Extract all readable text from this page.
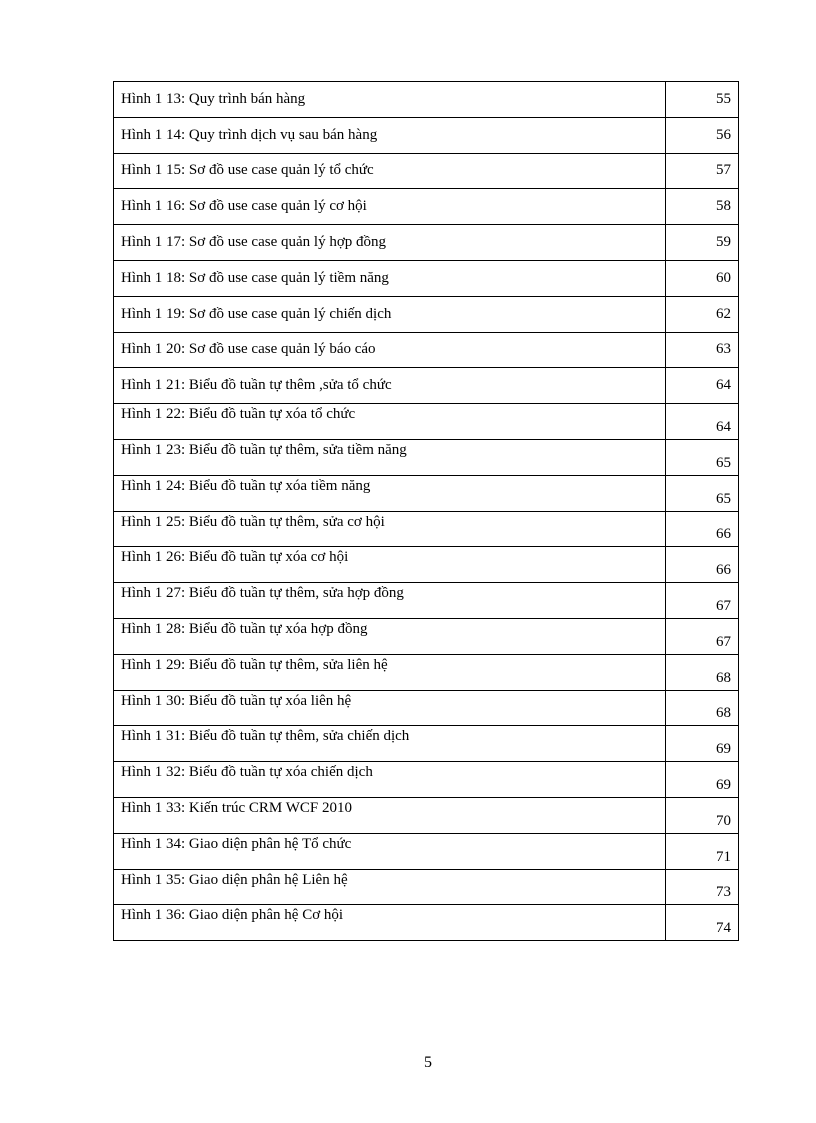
Hình 1 13: Quy trình bán hàng	55
Hình 1 14: Quy trình dịch vụ sau bán hàng	56
Hình 1 15: Sơ đồ use case quản lý tổ chức	57
Hình 1 16: Sơ đồ use case quản lý cơ hội	58
Hình 1 17: Sơ đồ use case quản lý hợp đồng	59
Hình 1 18: Sơ đồ use case quản lý tiềm năng	60
Hình 1 19: Sơ đồ use case quản lý chiến dịch	62
Hình 1 20: Sơ đồ use case quản lý báo cáo	63
Hình 1 21: Biểu đồ tuần tự thêm ,sửa tổ chức	64
Hình 1 22: Biểu đồ tuần tự xóa tổ chức	64
Hình 1 23: Biểu đồ tuần tự thêm, sửa tiềm năng	65
Hình 1 24: Biểu đồ tuần tự xóa tiềm năng	65
Hình 1 25: Biểu đồ tuần tự thêm, sửa cơ hội	66
Hình 1 26: Biểu đồ tuần tự xóa cơ hội	66
Hình 1 27: Biểu đồ tuần tự thêm, sửa hợp đồng	67
Hình 1 28: Biểu đồ tuần tự xóa hợp đồng	67
Hình 1 29: Biểu đồ tuần tự thêm, sửa liên hệ	68
Hình 1 30: Biểu đồ tuần tự xóa liên hệ	68
Hình 1 31: Biểu đồ tuần tự thêm, sửa chiến dịch	69
Hình 1 32: Biểu đồ tuần tự xóa chiến dịch	69
Hình 1 33: Kiến trúc CRM WCF 2010	70
Hình 1 34: Giao diện phân hệ Tổ chức	71
Hình 1 35: Giao diện phân hệ Liên hệ	73
Hình 1 36: Giao diện phân hệ Cơ hội	74
5
